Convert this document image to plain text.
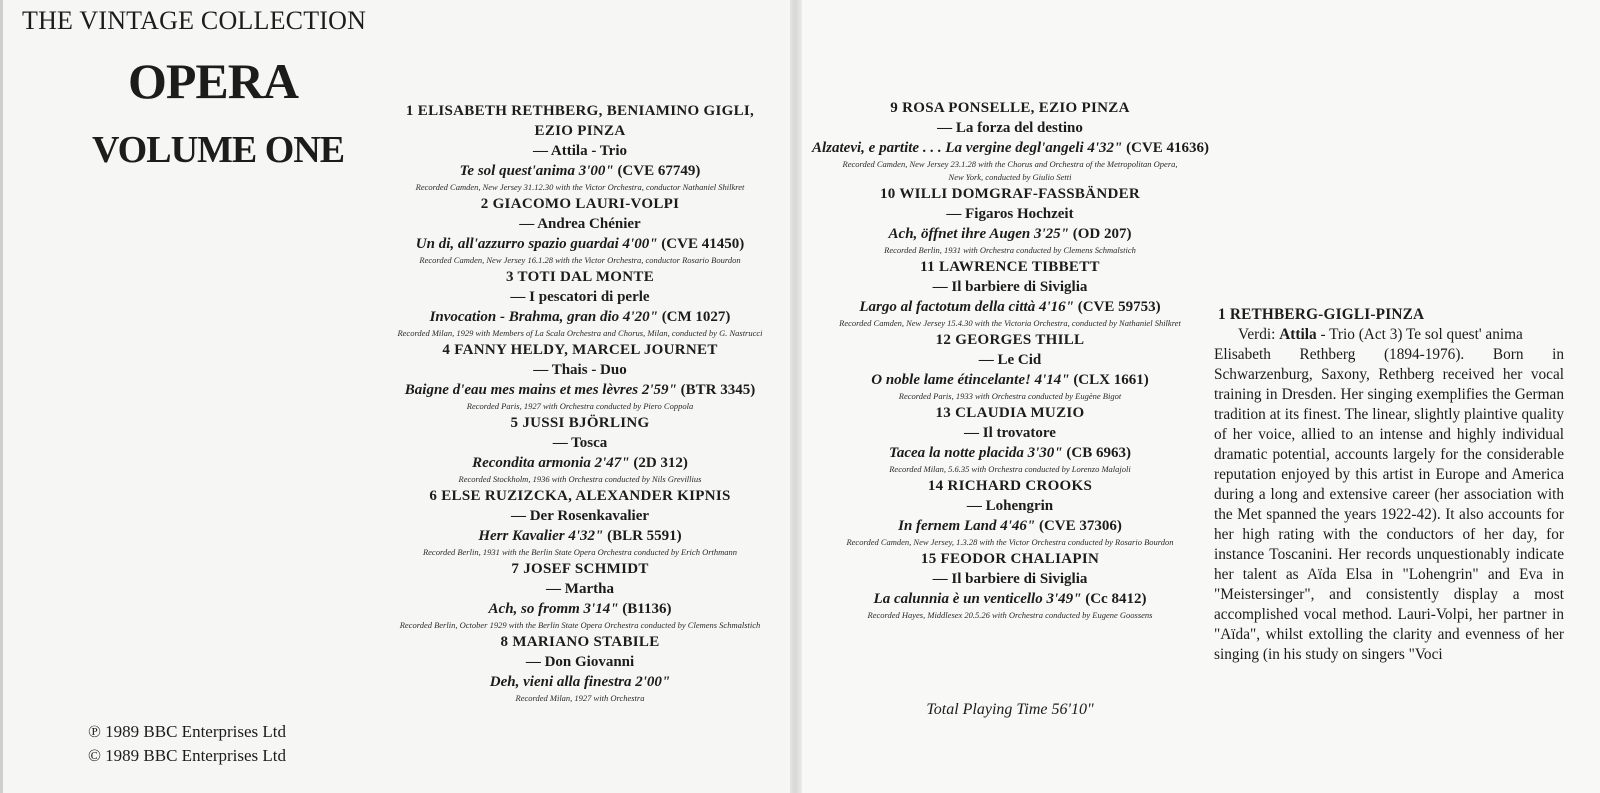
THE VINTAGE COLLECTION
OPERA
VOLUME ONE
℗ 1989 BBC Enterprises Ltd
© 1989 BBC Enterprises Ltd
1 ELISABETH RETHBERG, BENIAMINO GIGLI,
EZIO PINZA
— Attila - Trio
Te sol quest'anima 3'00" (CVE 67749)
Recorded Camden, New Jersey 31.12.30 with the Victor Orchestra, conductor Nathaniel Shilkret
2 GIACOMO LAURI-VOLPI
— Andrea Chénier
Un di, all'azzurro spazio guardai 4'00" (CVE 41450)
Recorded Camden, New Jersey 16.1.28 with the Victor Orchestra, conductor Rosario Bourdon
3 TOTI DAL MONTE
— I pescatori di perle
Invocation - Brahma, gran dio 4'20" (CM 1027)
Recorded Milan, 1929 with Members of La Scala Orchestra and Chorus, Milan, conducted by G. Nastrucci
4 FANNY HELDY, MARCEL JOURNET
— Thais - Duo
Baigne d'eau mes mains et mes lèvres 2'59" (BTR 3345)
Recorded Paris, 1927 with Orchestra conducted by Piero Coppola
5 JUSSI BJÖRLING
— Tosca
Recondita armonia 2'47" (2D 312)
Recorded Stockholm, 1936 with Orchestra conducted by Nils Grevillius
6 ELSE RUZIZCKA, ALEXANDER KIPNIS
— Der Rosenkavalier
Herr Kavalier 4'32" (BLR 5591)
Recorded Berlin, 1931 with the Berlin State Opera Orchestra conducted by Erich Orthmann
7 JOSEF SCHMIDT
— Martha
Ach, so fromm 3'14" (B1136)
Recorded Berlin, October 1929 with the Berlin State Opera Orchestra conducted by Clemens Schmalstich
8 MARIANO STABILE
— Don Giovanni
Deh, vieni alla finestra 2'00"
Recorded Milan, 1927 with Orchestra
9 ROSA PONSELLE, EZIO PINZA
— La forza del destino
Alzatevi, e partite . . . La vergine degl'angeli 4'32" (CVE 41636)
Recorded Camden, New Jersey 23.1.28 with the Chorus and Orchestra of the Metropolitan Opera,
New York, conducted by Giulio Setti
10 WILLI DOMGRAF-FASSBÄNDER
— Figaros Hochzeit
Ach, öffnet ihre Augen 3'25" (OD 207)
Recorded Berlin, 1931 with Orchestra conducted by Clemens Schmalstich
11 LAWRENCE TIBBETT
— Il barbiere di Siviglia
Largo al factotum della città 4'16" (CVE 59753)
Recorded Camden, New Jersey 15.4.30 with the Victoria Orchestra, conducted by Nathaniel Shilkret
12 GEORGES THILL
— Le Cid
O noble lame étincelante! 4'14" (CLX 1661)
Recorded Paris, 1933 with Orchestra conducted by Eugène Bigot
13 CLAUDIA MUZIO
— Il trovatore
Tacea la notte placida 3'30" (CB 6963)
Recorded Milan, 5.6.35 with Orchestra conducted by Lorenzo Malajoli
14 RICHARD CROOKS
— Lohengrin
In fernem Land 4'46" (CVE 37306)
Recorded Camden, New Jersey, 1.3.28 with the Victor Orchestra conducted by Rosario Bourdon
15 FEODOR CHALIAPIN
— Il barbiere di Siviglia
La calunnia è un venticello 3'49" (Cc 8412)
Recorded Hayes, Middlesex 20.5.26 with Orchestra conducted by Eugene Goossens
Total Playing Time 56'10"
1 RETHBERG-GIGLI-PINZA
Verdi: Attila - Trio (Act 3) Te sol quest' anima
Elisabeth Rethberg (1894-1976). Born in Schwarzenburg, Saxony, Rethberg received her vocal training in Dresden. Her singing exemplifies the German tradition at its finest. The linear, slightly plaintive quality of her voice, allied to an intense and highly individual dramatic potential, accounts largely for the considerable reputation enjoyed by this artist in Europe and America during a long and extensive career (her association with the Met spanned the years 1922-42). It also accounts for her high rating with the conductors of her day, for instance Toscanini. Her records unquestionably indicate her talent as Aïda Elsa in "Lohengrin" and Eva in "Meistersinger", and consistently display a most accomplished vocal method. Lauri-Volpi, her partner in "Aïda", whilst extolling the clarity and evenness of her singing (in his study on singers "Voci
